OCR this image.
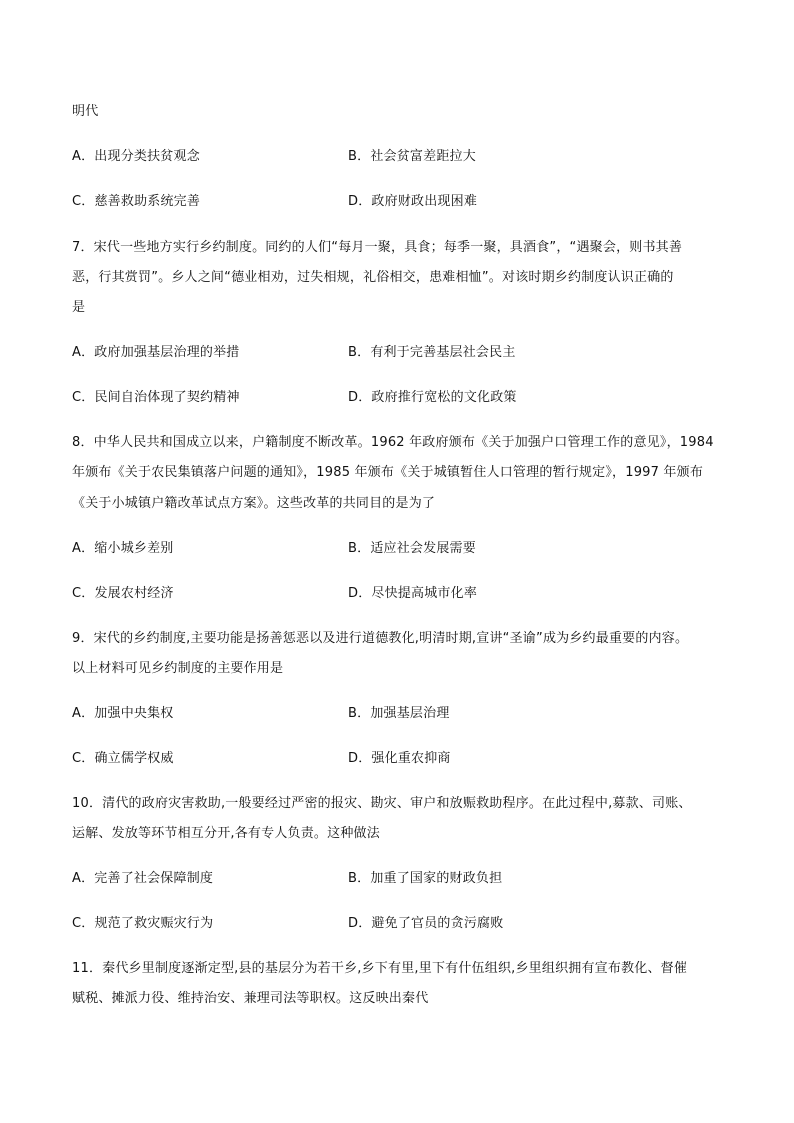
明代
A．出现分类扶贫观念	B．社会贫富差距拉大
C．慈善救助系统完善	D．政府财政出现困难
7．宋代一些地方实行乡约制度。同约的人们“每月一聚，具食；每季一聚，具酒食”，“遇聚会，则书其善
恶，行其赏罚”。乡人之间“德业相劝，过失相规，礼俗相交，患难相恤”。对该时期乡约制度认识正确的
是
A．政府加强基层治理的举措	B．有利于完善基层社会民主
C．民间自治体现了契约精神	D．政府推行宽松的文化政策
8．中华人民共和国成立以来，户籍制度不断改革。1962 年政府颁布《关于加强户口管理工作的意见》，1984
年颁布《关于农民集镇落户问题的通知》，1985 年颁布《关于城镇暂住人口管理的暂行规定》，1997 年颁布
《关于小城镇户籍改革试点方案》。这些改革的共同目的是为了
A．缩小城乡差别	B．适应社会发展需要
C．发展农村经济	D．尽快提高城市化率
9．宋代的乡约制度,主要功能是扬善惩恶以及进行道德教化,明清时期,宣讲“圣谕”成为乡约最重要的内容。
以上材料可见乡约制度的主要作用是
A．加强中央集权	B．加强基层治理
C．确立儒学权威	D．强化重农抑商
10．清代的政府灾害救助,一般要经过严密的报灾、勘灾、审户和放赈救助程序。在此过程中,募款、司账、
运解、发放等环节相互分开,各有专人负责。这种做法
A．完善了社会保障制度	B．加重了国家的财政负担
C．规范了救灾赈灾行为	D．避免了官员的贪污腐败
11．秦代乡里制度逐渐定型,县的基层分为若干乡,乡下有里,里下有什伍组织,乡里组织拥有宣布教化、督催
赋税、摊派力役、维持治安、兼理司法等职权。这反映出秦代
